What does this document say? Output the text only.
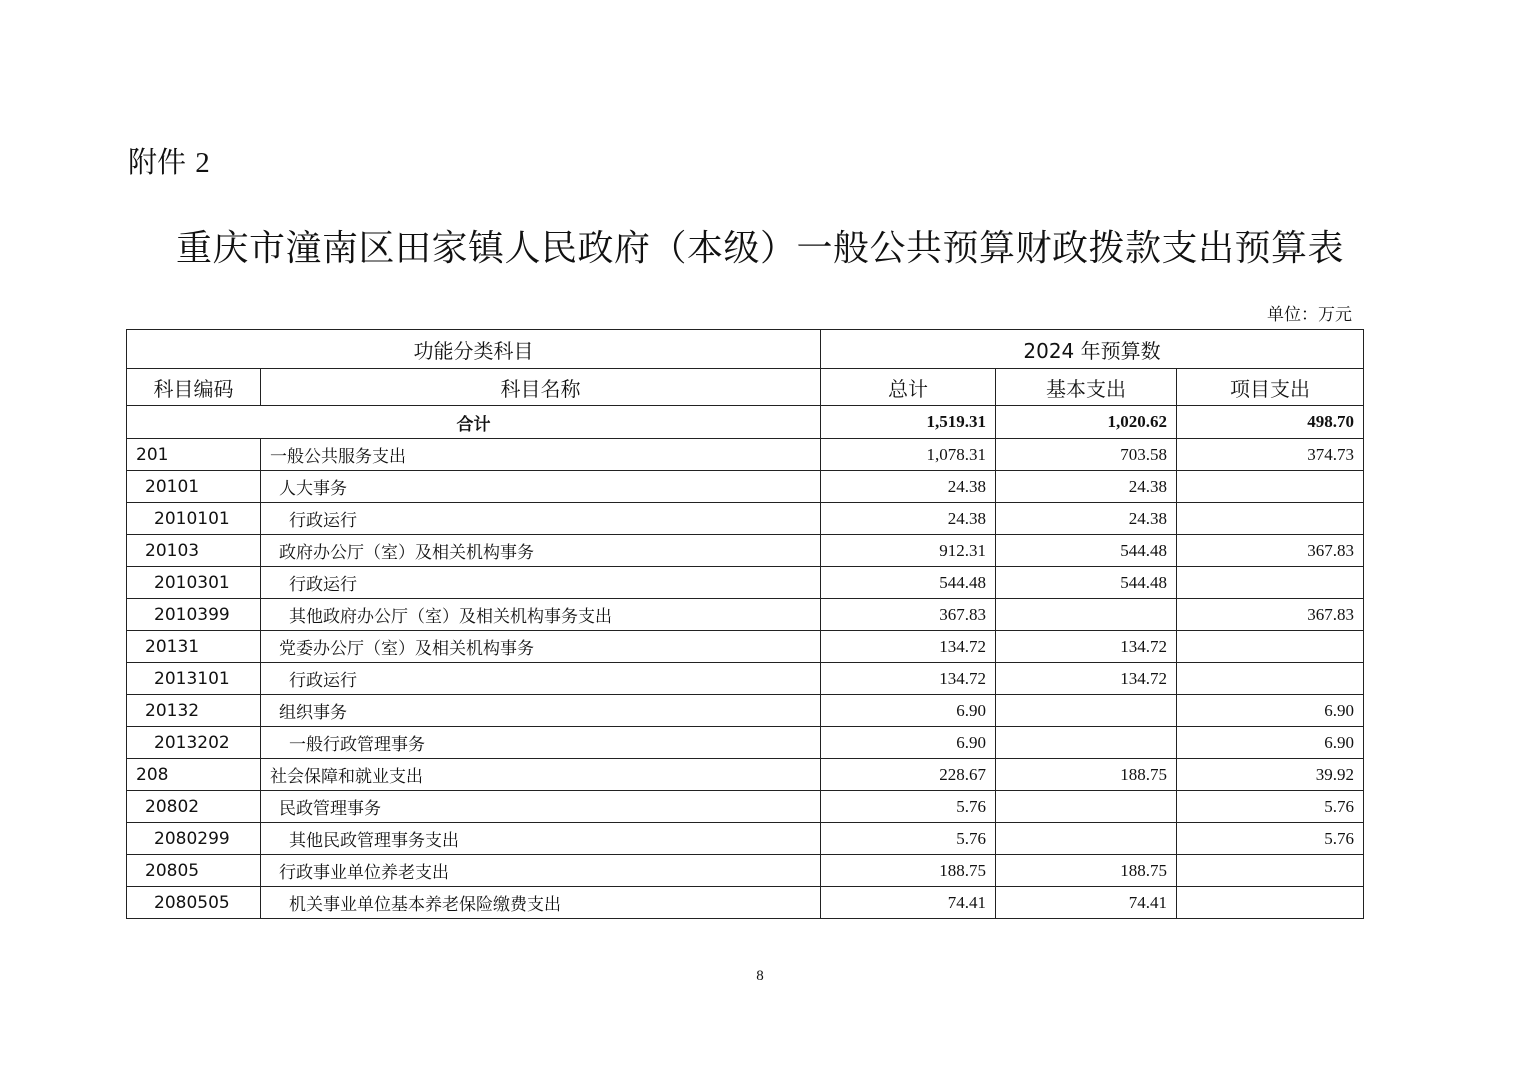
附件 2
重庆市潼南区田家镇人民政府（本级）一般公共预算财政拨款支出预算表
单位：万元
功能分类科目		2024 年预算数		
科目编码	科目名称	总计	基本支出	项目支出
合计		1,519.31	1,020.62	498.70
201	一般公共服务支出	1,078.31	703.58	374.73
20101	人大事务	24.38	24.38	
2010101	行政运行	24.38	24.38	
20103	政府办公厅（室）及相关机构事务	912.31	544.48	367.83
2010301	行政运行	544.48	544.48	
2010399	其他政府办公厅（室）及相关机构事务支出	367.83		367.83
20131	党委办公厅（室）及相关机构事务	134.72	134.72	
2013101	行政运行	134.72	134.72	
20132	组织事务	6.90		6.90
2013202	一般行政管理事务	6.90		6.90
208	社会保障和就业支出	228.67	188.75	39.92
20802	民政管理事务	5.76		5.76
2080299	其他民政管理事务支出	5.76		5.76
20805	行政事业单位养老支出	188.75	188.75	
2080505	机关事业单位基本养老保险缴费支出	74.41	74.41	
8
